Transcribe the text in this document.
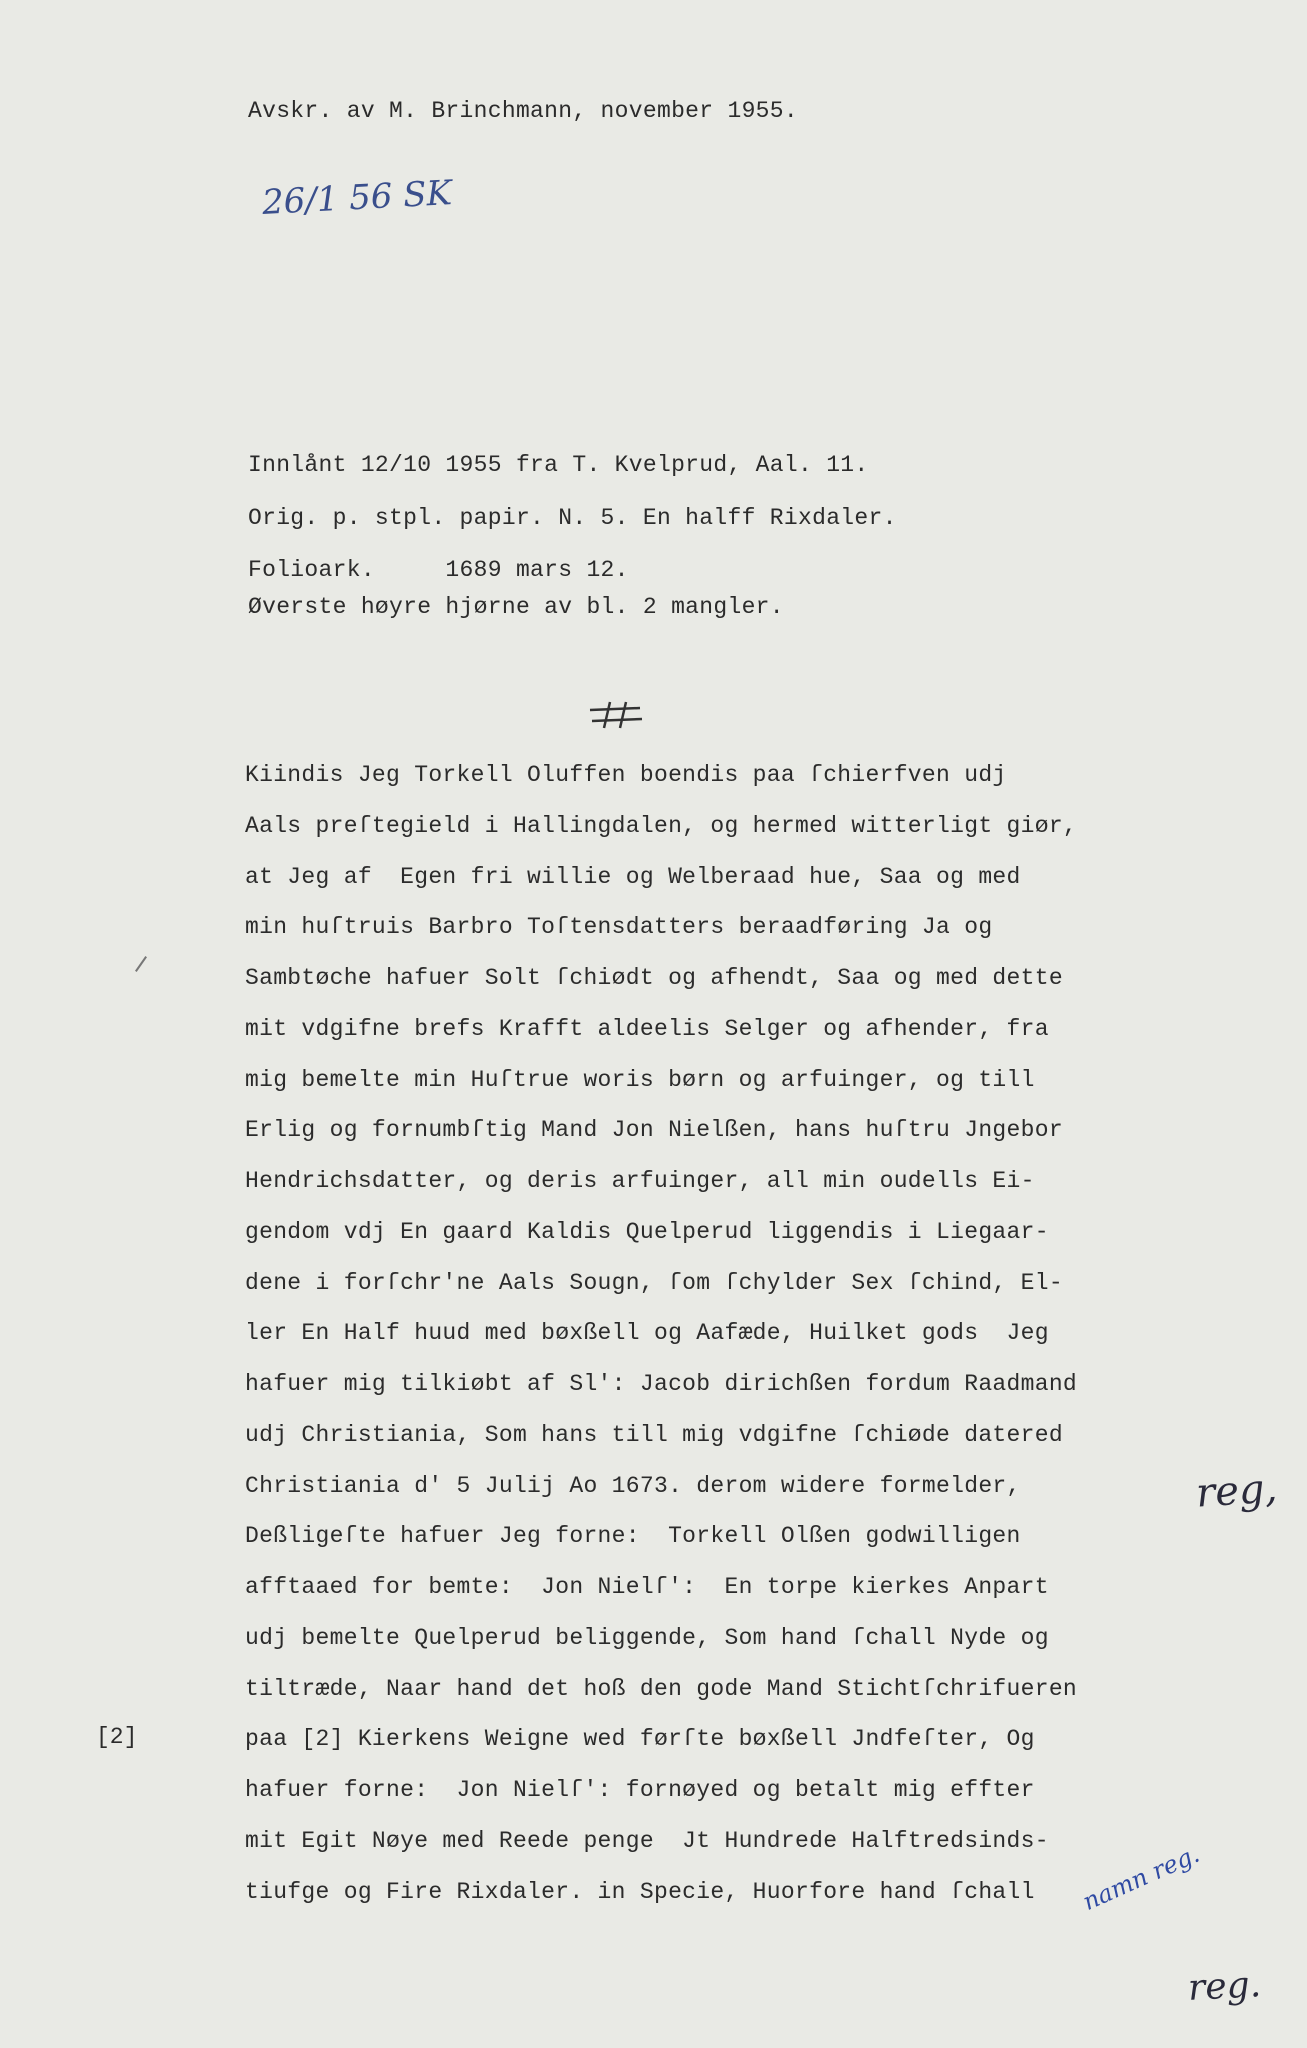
Avskr. av M. Brinchmann, november 1955.
26/1 56 SK
Innlånt 12/10 1955 fra T. Kvelprud, Aal. 11.
Orig. p. stpl. papir. N. 5. En halff Rixdaler.
Folioark.     1689 mars 12.
Øverste høyre hjørne av bl. 2 mangler.
Kiindis Jeg Torkell Oluffen boendis paa ſchierfven udj
Aals preſtegield i Hallingdalen, og hermed witterligt giør,
at Jeg af  Egen fri willie og Welberaad hue, Saa og med
min huſtruis Barbro Toſtensdatters beraadføring Ja og
Sambtøche hafuer Solt ſchiødt og afhendt, Saa og med dette
mit vdgifne brefs Krafft aldeelis Selger og afhender, fra
mig bemelte min Huſtrue woris børn og arfuinger, og till
Erlig og fornumbſtig Mand Jon Nielßen, hans huſtru Jngebor
Hendrichsdatter, og deris arfuinger, all min oudells Ei-
gendom vdj En gaard Kaldis Quelperud liggendis i Liegaar-
dene i forſchr'ne Aals Sougn, ſom ſchylder Sex ſchind, El-
ler En Half huud med bøxßell og Aafæde, Huilket gods  Jeg
hafuer mig tilkiøbt af Sl': Jacob dirichßen fordum Raadmand
udj Christiania, Som hans till mig vdgifne ſchiøde datered
Christiania d' 5 Julij Ao 1673. derom widere formelder,
Deßligeſte hafuer Jeg forne:  Torkell Olßen godwilligen
afftaaed for bemte:  Jon Nielſ':  En torpe kierkes Anpart
udj bemelte Quelperud beliggende, Som hand ſchall Nyde og
tiltræde, Naar hand det hoß den gode Mand Stichtſchrifueren
paa [2] Kierkens Weigne wed førſte bøxßell Jndfeſter, Og
hafuer forne:  Jon Nielſ': fornøyed og betalt mig effter
mit Egit Nøye med Reede penge  Jt Hundrede Halftredsinds-
tiufge og Fire Rixdaler. in Specie, Huorfore hand ſchall
[2]
reg,
namn reg.
reg.
